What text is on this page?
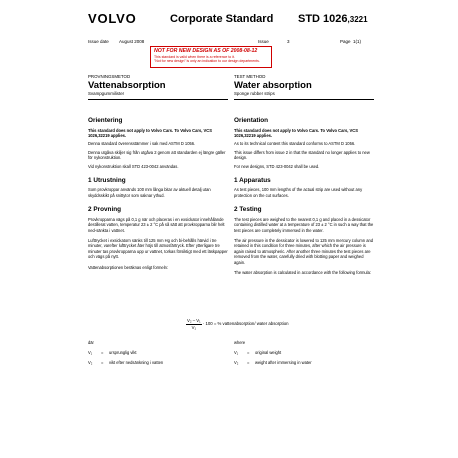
VOLVO	Corporate Standard STD 1026,3221
Issue date August 2008	Issue	3	Page 1(1)
NOT FOR NEW DESIGN AS OF 2008-08-12
This standard is valid when there is a reference to it.
"Not for new design" is only an indication to our design departments.
PROVNINGSMETOD
Vattenabsorption
Svampgummilister
Orientering
This standard does not apply to Volvo Cars. To Volvo Cars, VCS 1026,32219 applies.
Denna standard överensstämmer i sak med ASTM D 1056.
Denna utgåva skiljer sig från utgåva 2 genom att standarden ej längre gäller för nykonstruktion.
Vid nykonstruktion skall STD 423-0042 användas.
1 Utrustning
Som provkroppar används 100 mm långa bitar av aktuell detalj utan skyddsskikt på snittytor som saknar ythud.
2 Provning
Provkropparna vägs på 0,1 g när och placeras i en exsickator innehållande destillerat vatten, temperatur 23 ± 2 °C på så sätt att provkropparna blir helt ned-sänkta i vattnet.
Lufttrycket i exsickatorn sänks till 125 mm Hg och bi-behålls härvid i tre minuter, varefter lufttrycket åter höjs till atmosfärtryck. Efter ytterligare tre minuter tas provkropparna upp ur vattnet, torkas försiktigt med ett läskpapper och vägs på nytt.
Vattenabsorptionen beräknas enligt formeln:
TEST METHOD
Water absorption
Sponge rubber strips
Orientation
This standard does not apply to Volvo Cars. To Volvo Cars, VCS 1026,32219 applies.
As to its technical content this standard conforms to ASTM D 1056.
This issue differs from issue 2 in that the standard no longer applies to new design.
For new designs, STD 423-0042 shall be used.
1 Apparatus
As test pieces, 100 mm lengths of the actual strip are used without any protection on the cut surfaces.
2 Testing
The test pieces are weighed to the nearest 0,1 g and placed in a dessicator containing distilled water at a temperature of 23 ± 2 °C in such a way that the test pieces are completely immersed in the water.
The air pressure in the dessicator is lowered to 125 mm mercury column and retained in this condition for three minutes, after which the air pressure is again raised to atmospheric. After another three minutes the test pieces are removed from the water, carefully dried with blotting paper and weighed again.
The water absorption is calculated in accordance with the following formula:
$\frac{\text{V₂ – V₁}}{\text{V₁}} \cdot 100$ = % vattenabsorption/ water absorption
där
V₁ = ursprunglig vikt
V₂ = vikt efter nedsänkning i vatten
where
V₁ = original weight
V₂ = weight after immersing in water
